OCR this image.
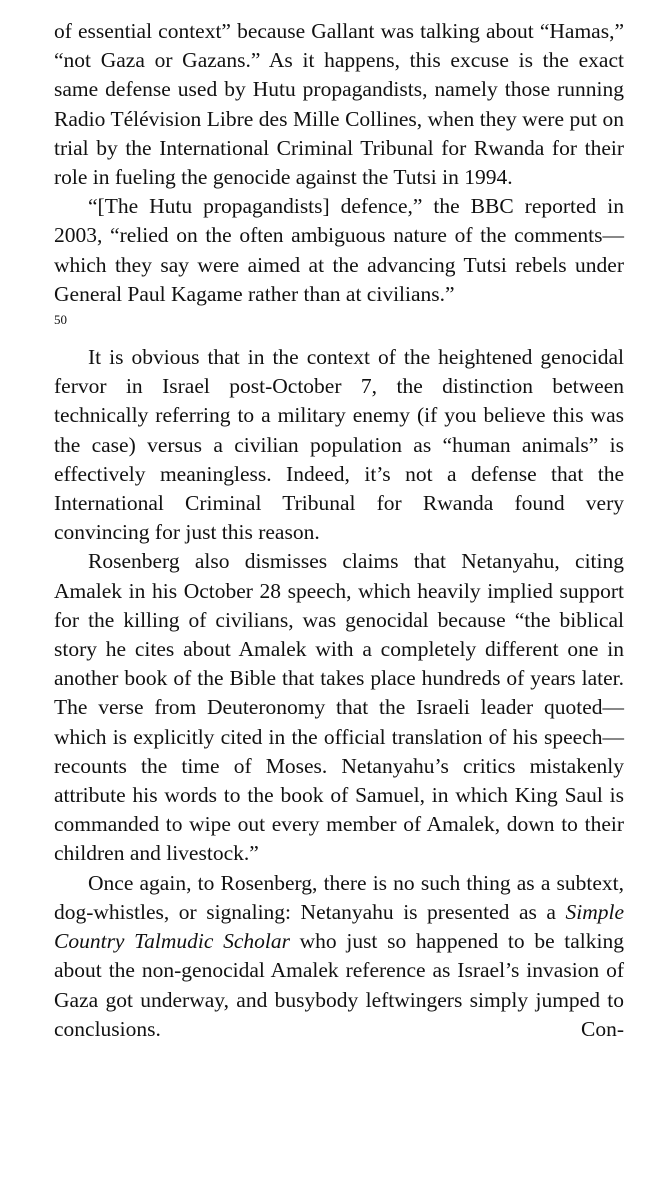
of essential context” because Gallant was talking about “Hamas,” “not Gaza or Gazans.” As it happens, this excuse is the exact same defense used by Hutu propagandists, namely those running Radio Télévision Libre des Mille Collines, when they were put on trial by the International Criminal Tribunal for Rwanda for their role in fueling the genocide against the Tutsi in 1994.

“[The Hutu propagandists] defence,” the BBC reported in 2003, “relied on the often ambiguous nature of the comments—which they say were aimed at the advancing Tutsi rebels under General Paul Kagame rather than at civilians.”

50

It is obvious that in the context of the heightened genocidal fervor in Israel post-October 7, the distinction between technically referring to a military enemy (if you believe this was the case) versus a civilian population as “human animals” is effectively meaningless. Indeed, it’s not a defense that the International Criminal Tribunal for Rwanda found very convincing for just this reason.

Rosenberg also dismisses claims that Netanyahu, citing Amalek in his October 28 speech, which heavily implied support for the killing of civilians, was genocidal because “the biblical story he cites about Amalek with a completely different one in another book of the Bible that takes place hundreds of years later. The verse from Deuteronomy that the Israeli leader quoted—which is explicitly cited in the official translation of his speech—recounts the time of Moses. Netanyahu’s critics mistakenly attribute his words to the book of Samuel, in which King Saul is commanded to wipe out every member of Amalek, down to their children and livestock.”

Once again, to Rosenberg, there is no such thing as a subtext, dog-whistles, or signaling: Netanyahu is presented as a Simple Country Talmudic Scholar who just so happened to be talking about the non-genocidal Amalek reference as Israel’s invasion of Gaza got underway, and busybody leftwingers simply jumped to conclusions. Con-
